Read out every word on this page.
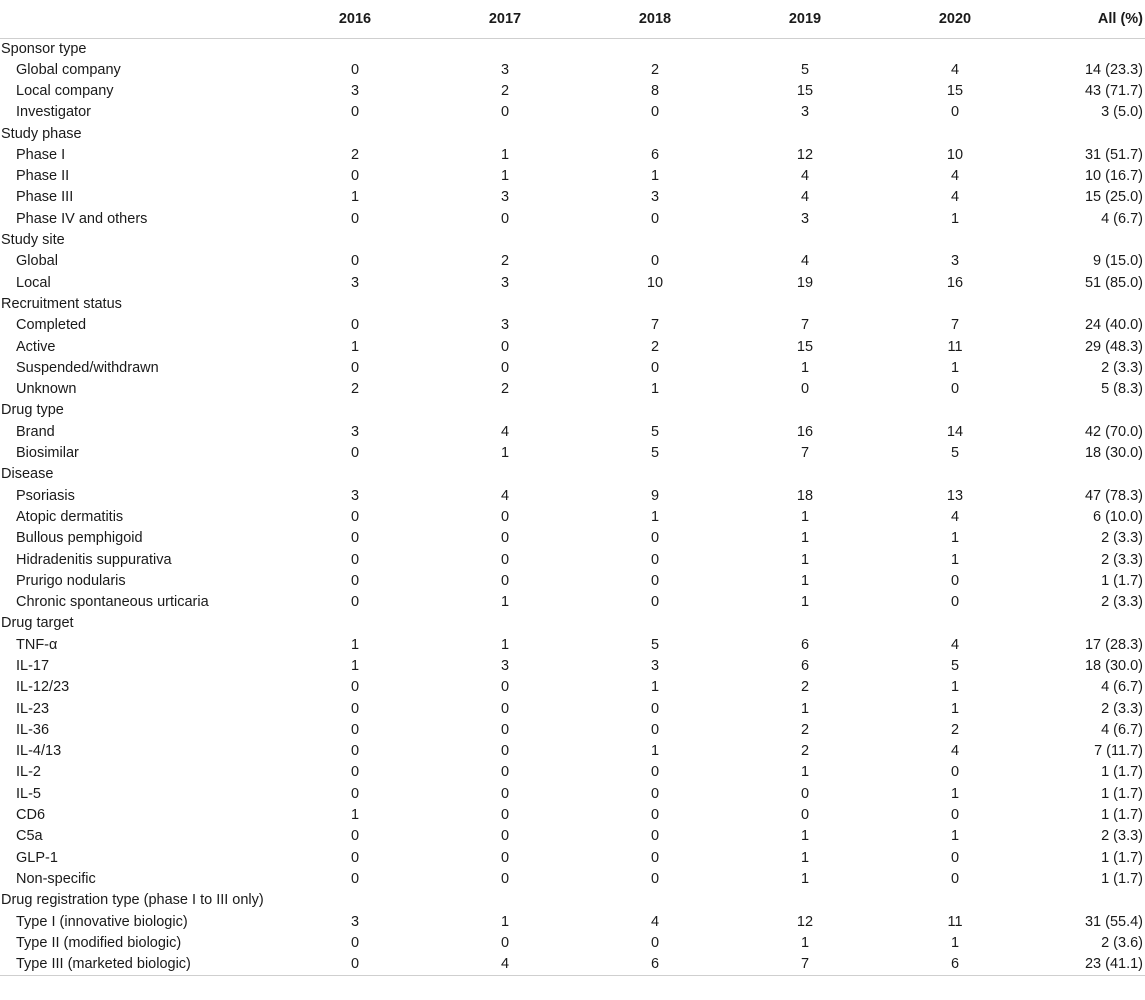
	2016	2017	2018	2019	2020	All (%)
Sponsor type						
Global company	0	3	2	5	4	14 (23.3)
Local company	3	2	8	15	15	43 (71.7)
Investigator	0	0	0	3	0	3 (5.0)
Study phase						
Phase I	2	1	6	12	10	31 (51.7)
Phase II	0	1	1	4	4	10 (16.7)
Phase III	1	3	3	4	4	15 (25.0)
Phase IV and others	0	0	0	3	1	4 (6.7)
Study site						
Global	0	2	0	4	3	9 (15.0)
Local	3	3	10	19	16	51 (85.0)
Recruitment status						
Completed	0	3	7	7	7	24 (40.0)
Active	1	0	2	15	11	29 (48.3)
Suspended/withdrawn	0	0	0	1	1	2 (3.3)
Unknown	2	2	1	0	0	5 (8.3)
Drug type						
Brand	3	4	5	16	14	42 (70.0)
Biosimilar	0	1	5	7	5	18 (30.0)
Disease						
Psoriasis	3	4	9	18	13	47 (78.3)
Atopic dermatitis	0	0	1	1	4	6 (10.0)
Bullous pemphigoid	0	0	0	1	1	2 (3.3)
Hidradenitis suppurativa	0	0	0	1	1	2 (3.3)
Prurigo nodularis	0	0	0	1	0	1 (1.7)
Chronic spontaneous urticaria	0	1	0	1	0	2 (3.3)
Drug target						
TNF-α	1	1	5	6	4	17 (28.3)
IL-17	1	3	3	6	5	18 (30.0)
IL-12/23	0	0	1	2	1	4 (6.7)
IL-23	0	0	0	1	1	2 (3.3)
IL-36	0	0	0	2	2	4 (6.7)
IL-4/13	0	0	1	2	4	7 (11.7)
IL-2	0	0	0	1	0	1 (1.7)
IL-5	0	0	0	0	1	1 (1.7)
CD6	1	0	0	0	0	1 (1.7)
C5a	0	0	0	1	1	2 (3.3)
GLP-1	0	0	0	1	0	1 (1.7)
Non-specific	0	0	0	1	0	1 (1.7)
Drug registration type (phase I to III only)						
Type I (innovative biologic)	3	1	4	12	11	31 (55.4)
Type II (modified biologic)	0	0	0	1	1	2 (3.6)
Type III (marketed biologic)	0	4	6	7	6	23 (41.1)
